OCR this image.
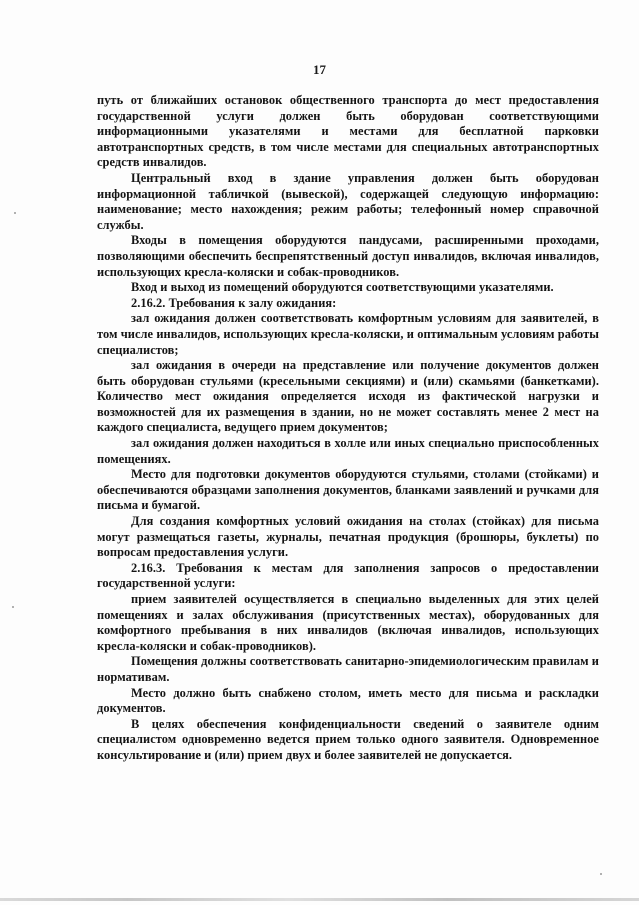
17

путь от ближайших остановок общественного транспорта до мест предоставления государственной услуги должен быть оборудован соответствующими информационными указателями и местами для бесплатной парковки автотранспортных средств, в том числе местами для специальных автотранспортных средств инвалидов.

Центральный вход в здание управления должен быть оборудован информационной табличкой (вывеской), содержащей следующую информацию: наименование; место нахождения; режим работы; телефонный номер справочной службы.

Входы в помещения оборудуются пандусами, расширенными проходами, позволяющими обеспечить беспрепятственный доступ инвалидов, включая инвалидов, использующих кресла-коляски и собак-проводников.

Вход и выход из помещений оборудуются соответствующими указателями.

2.16.2. Требования к залу ожидания:

зал ожидания должен соответствовать комфортным условиям для заявителей, в том числе инвалидов, использующих кресла-коляски, и оптимальным условиям работы специалистов;

зал ожидания в очереди на представление или получение документов должен быть оборудован стульями (кресельными секциями) и (или) скамьями (банкетками). Количество мест ожидания определяется исходя из фактической нагрузки и возможностей для их размещения в здании, но не может составлять менее 2 мест на каждого специалиста, ведущего прием документов;

зал ожидания должен находиться в холле или иных специально приспособленных помещениях.

Место для подготовки документов оборудуются стульями, столами (стойками) и обеспечиваются образцами заполнения документов, бланками заявлений и ручками для письма и бумагой.

Для создания комфортных условий ожидания на столах (стойках) для письма могут размещаться газеты, журналы, печатная продукция (брошюры, буклеты) по вопросам предоставления услуги.

2.16.3. Требования к местам для заполнения запросов о предоставлении государственной услуги:

прием заявителей осуществляется в специально выделенных для этих целей помещениях и залах обслуживания (присутственных местах), оборудованных для комфортного пребывания в них инвалидов (включая инвалидов, использующих кресла-коляски и собак-проводников).

Помещения должны соответствовать санитарно-эпидемиологическим правилам и нормативам.

Место должно быть снабжено столом, иметь место для письма и раскладки документов.

В целях обеспечения конфиденциальности сведений о заявителе одним специалистом одновременно ведется прием только одного заявителя. Одновременное консультирование и (или) прием двух и более заявителей не допускается.
